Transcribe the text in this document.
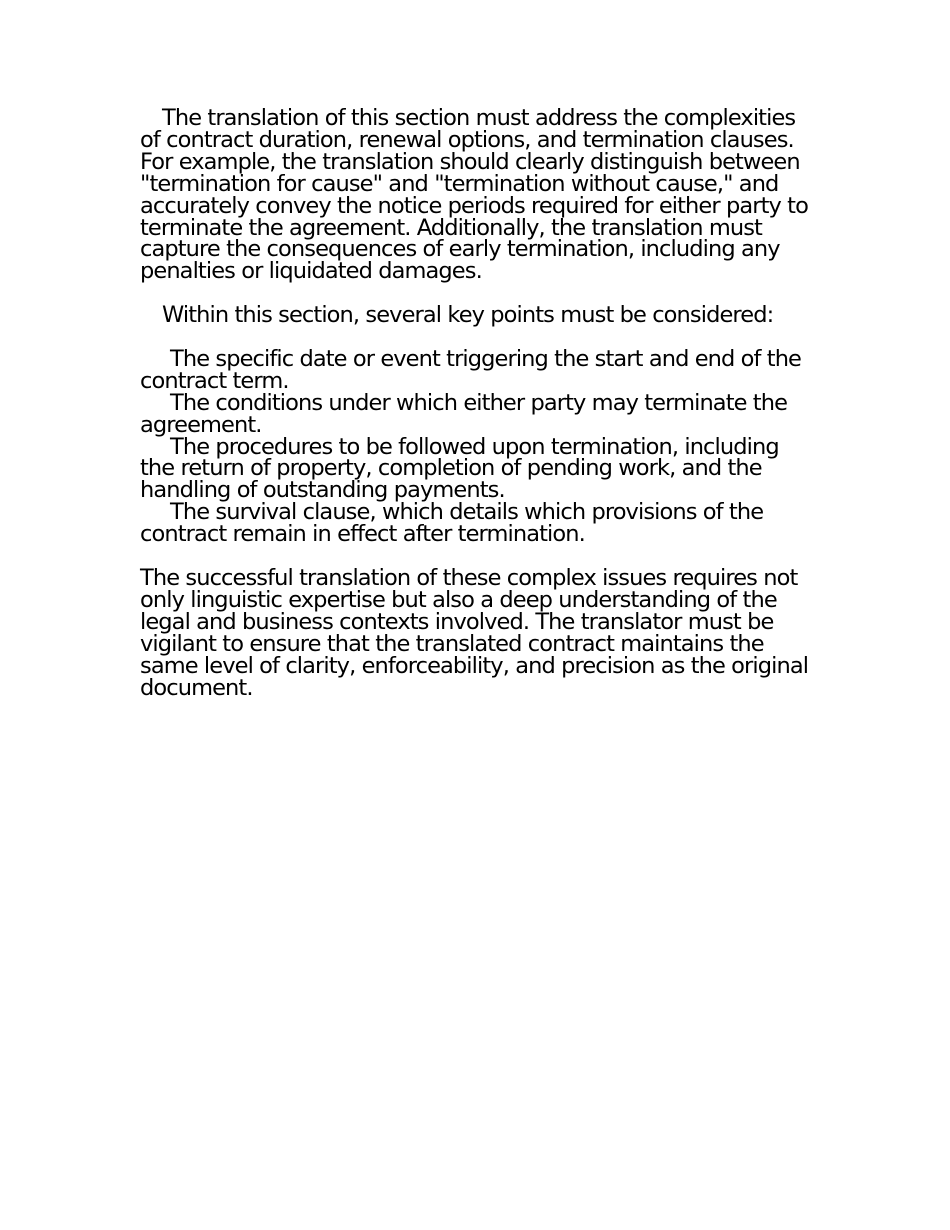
The translation of this section must address the complexities of contract duration, renewal options, and termination clauses. For example, the translation should clearly distinguish between "termination for cause" and "termination without cause," and accurately convey the notice periods required for either party to terminate the agreement. Additionally, the translation must capture the consequences of early termination, including any penalties or liquidated damages.

Within this section, several key points must be considered:

The specific date or event triggering the start and end of the contract term.

The conditions under which either party may terminate the agreement.

The procedures to be followed upon termination, including the return of property, completion of pending work, and the handling of outstanding payments.

The survival clause, which details which provisions of the contract remain in effect after termination.

The successful translation of these complex issues requires not only linguistic expertise but also a deep understanding of the legal and business contexts involved. The translator must be vigilant to ensure that the translated contract maintains the same level of clarity, enforceability, and precision as the original document.
